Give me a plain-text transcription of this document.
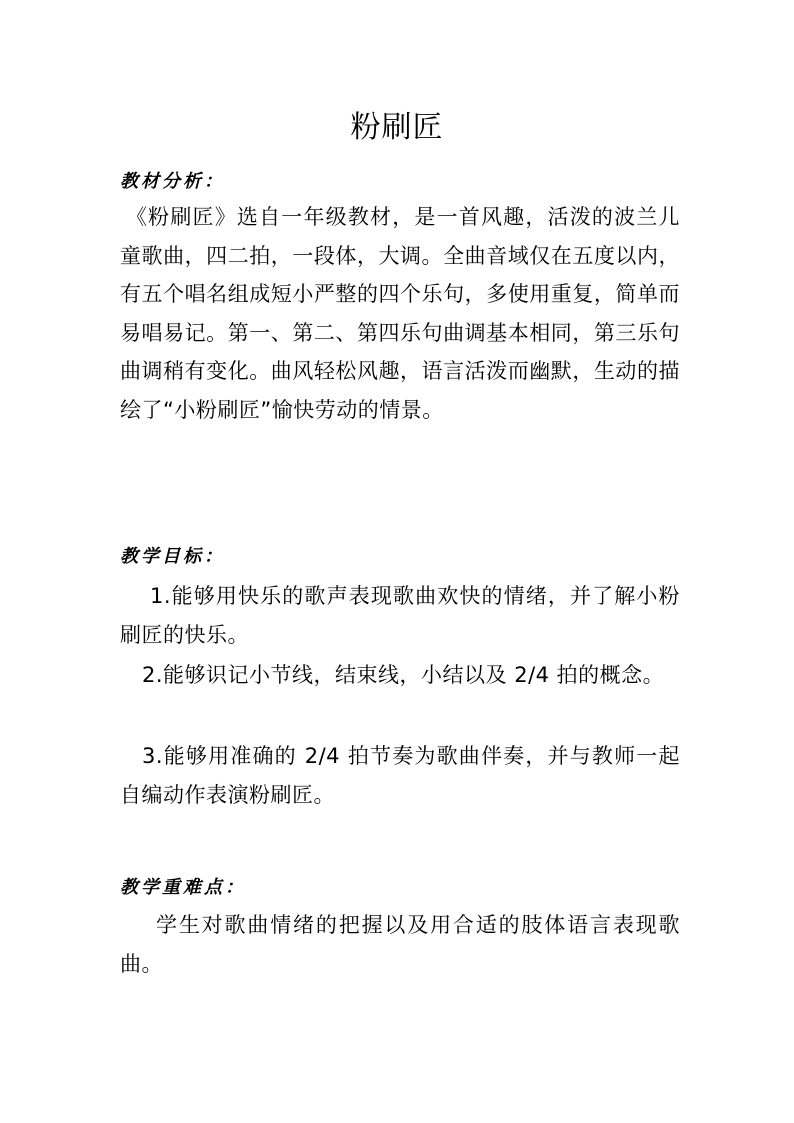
粉刷匠
教材分析：

《粉刷匠》选自一年级教材，是一首风趣，活泼的波兰儿童歌曲，四二拍，一段体，大调。全曲音域仅在五度以内，有五个唱名组成短小严整的四个乐句，多使用重复，简单而易唱易记。第一、第二、第四乐句曲调基本相同，第三乐句曲调稍有变化。曲风轻松风趣，语言活泼而幽默，生动的描绘了“小粉刷匠”愉快劳动的情景。

教学目标：

1.能够用快乐的歌声表现歌曲欢快的情绪，并了解小粉刷匠的快乐。

2.能够识记小节线，结束线，小结以及 2/4 拍的概念。

3.能够用准确的 2/4 拍节奏为歌曲伴奏，并与教师一起自编动作表演粉刷匠。

教学重难点：

学生对歌曲情绪的把握以及用合适的肢体语言表现歌曲。
